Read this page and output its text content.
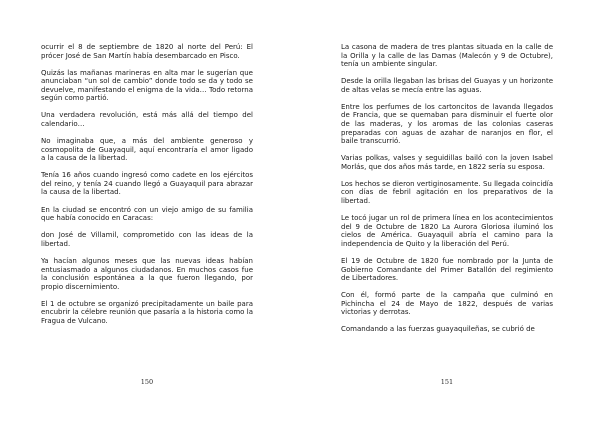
ocurrir el 8 de septiembre de 1820 al norte del Perú: El prócer José de San Martín había desembarcado en Pisco.

Quizás las mañanas marineras en alta mar le sugerían que anunciaban “un sol de cambio” donde todo se da y todo se devuelve, manifestando el enigma de la vida… Todo retorna según como partió.

Una verdadera revolución, está más allá del tiempo del calendario…

No imaginaba que, a más del ambiente generoso y cosmopolita de Guayaquil, aquí encontraría el amor ligado a la causa de la libertad.

Tenía 16 años cuando ingresó como cadete en los ejércitos del reino, y tenía 24 cuando llegó a Guayaquil para abrazar la causa de la libertad.

En la ciudad se encontró con un viejo amigo de su familia que había conocido en Caracas:

don José de Villamil, comprometido con las ideas de la libertad.

Ya hacían algunos meses que las nuevas ideas habían entusiasmado a algunos ciudadanos. En muchos casos fue la conclusión espontánea a la que fueron llegando, por propio discernimiento.

El 1 de octubre se organizó precipitadamente un baile para encubrir la célebre reunión que pasaría a la historia como la Fragua de Vulcano.

150

La casona de madera de tres plantas situada en la calle de la Orilla y la calle de las Damas (Malecón y 9 de Octubre), tenía un ambiente singular.

Desde la orilla llegaban las brisas del Guayas y un horizonte de altas velas se mecía entre las aguas.

Entre los perfumes de los cartoncitos de lavanda llegados de Francia, que se quemaban para disminuir el fuerte olor de las maderas, y los aromas de las colonias caseras preparadas con aguas de azahar de naranjos en flor, el baile transcurrió.

Varias polkas, valses y seguidillas bailó con la joven Isabel Morlás, que dos años más tarde, en 1822 sería su esposa.

Los hechos se dieron vertiginosamente. Su llegada coincidía con días de febril agitación en los preparativos de la libertad.

Le tocó jugar un rol de primera línea en los acontecimientos del 9 de Octubre de 1820 La Aurora Gloriosa iluminó los cielos de América. Guayaquil abría el camino para la independencia de Quito y la liberación del Perú.

El 19 de Octubre de 1820 fue nombrado por la Junta de Gobierno Comandante del Primer Batallón del regimiento de Libertadores.

Con él, formó parte de la campaña que culminó en Pichincha el 24 de Mayo de 1822, después de varias victorias y derrotas.

Comandando a las fuerzas guayaquileñas, se cubrió de

151
